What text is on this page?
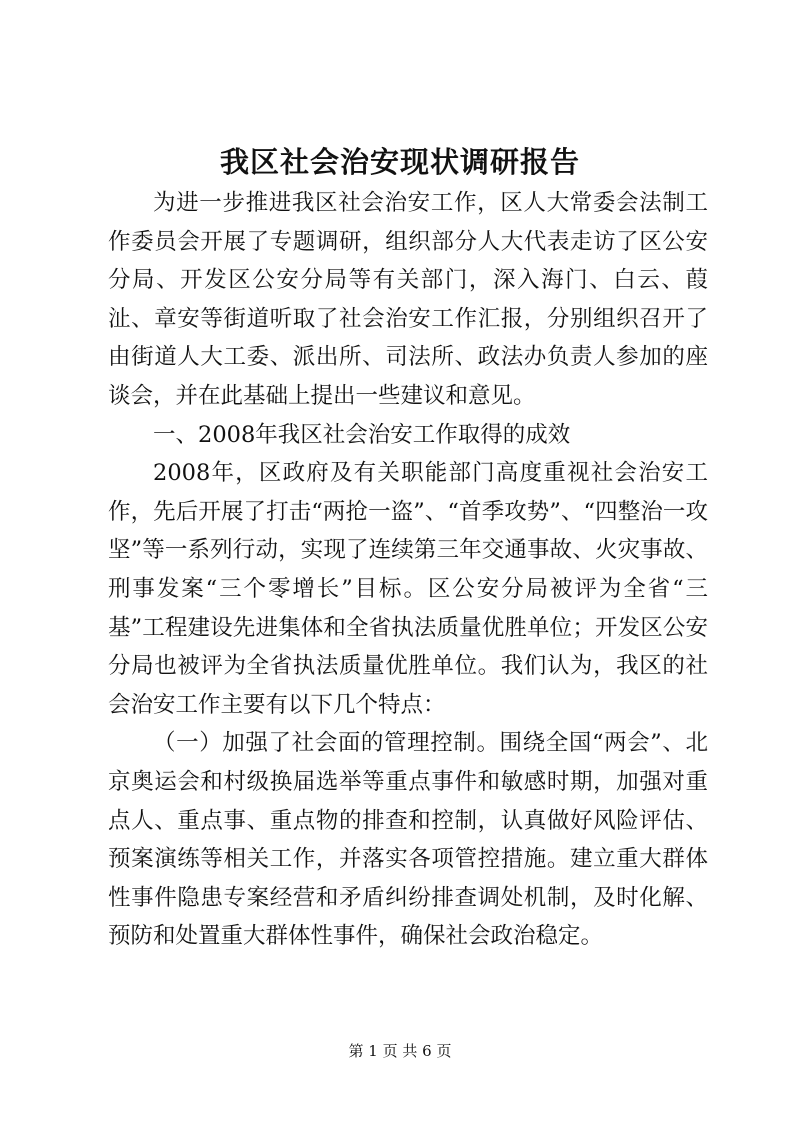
我区社会治安现状调研报告

为进一步推进我区社会治安工作，区人大常委会法制工作委员会开展了专题调研，组织部分人大代表走访了区公安分局、开发区公安分局等有关部门，深入海门、白云、葭沚、章安等街道听取了社会治安工作汇报，分别组织召开了由街道人大工委、派出所、司法所、政法办负责人参加的座谈会，并在此基础上提出一些建议和意见。

一、2008年我区社会治安工作取得的成效

2008年，区政府及有关职能部门高度重视社会治安工作，先后开展了打击“两抢一盗”、“首季攻势”、“四整治一攻坚”等一系列行动，实现了连续第三年交通事故、火灾事故、刑事发案“三个零增长”目标。区公安分局被评为全省“三基”工程建设先进集体和全省执法质量优胜单位；开发区公安分局也被评为全省执法质量优胜单位。我们认为，我区的社会治安工作主要有以下几个特点：

（一）加强了社会面的管理控制。围绕全国“两会”、北京奥运会和村级换届选举等重点事件和敏感时期，加强对重点人、重点事、重点物的排查和控制，认真做好风险评估、预案演练等相关工作，并落实各项管控措施。建立重大群体性事件隐患专案经营和矛盾纠纷排查调处机制，及时化解、预防和处置重大群体性事件，确保社会政治稳定。

第 1 页 共 6 页
